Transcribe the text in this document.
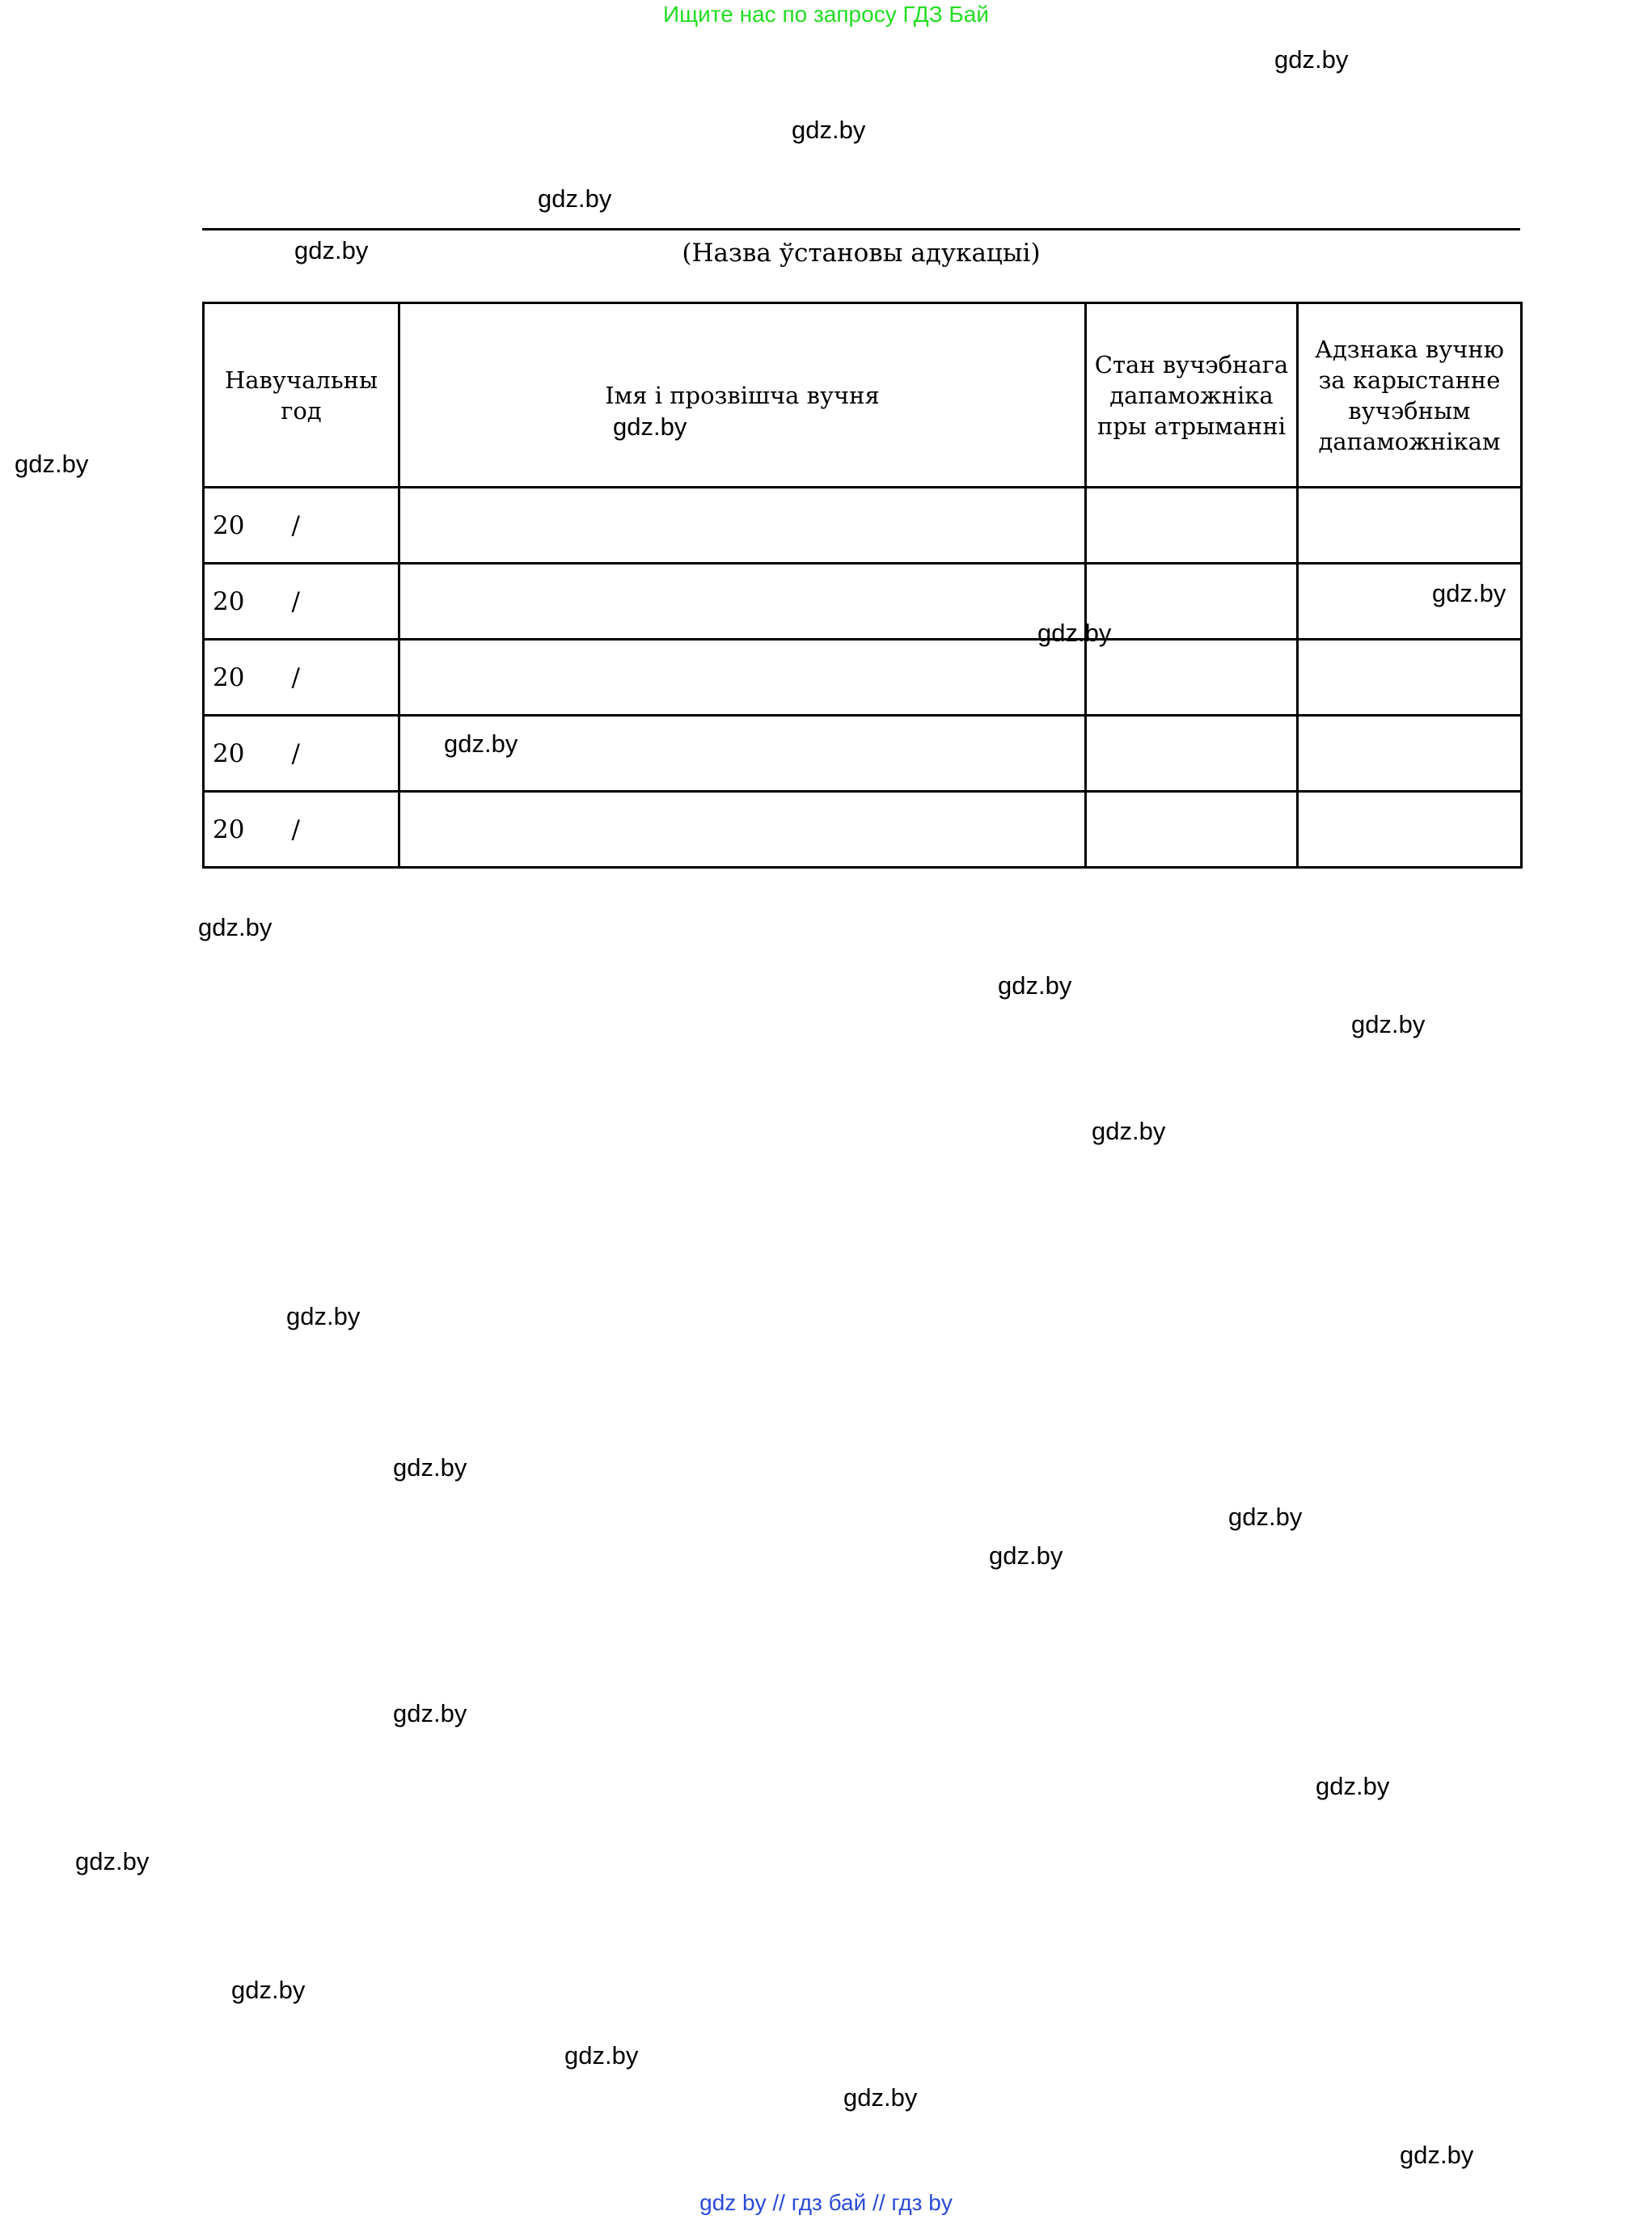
Ищите нас по запросу ГДЗ Бай
gdz.by
gdz.by
gdz.by
gdz.by
gdz.by
gdz.by
gdz.by
gdz.by
gdz.by
gdz.by
gdz.by
gdz.by
gdz.by
gdz.by
gdz.by
gdz.by
gdz.by
gdz.by
gdz.by
gdz.by
gdz.by
gdz.by
gdz.by
gdz.by
(Назва ўстановы адукацыі)
Навучальны год	Імя і прозвішча вучня	Стан вучэбнага дапаможніка пры атрыманні	Адзнака вучню за карыстанне вучэбным дапаможнікам

20 /			
20 /			
20 /			
20 /			
20 /			
gdz by // гдз бай // гдз by
